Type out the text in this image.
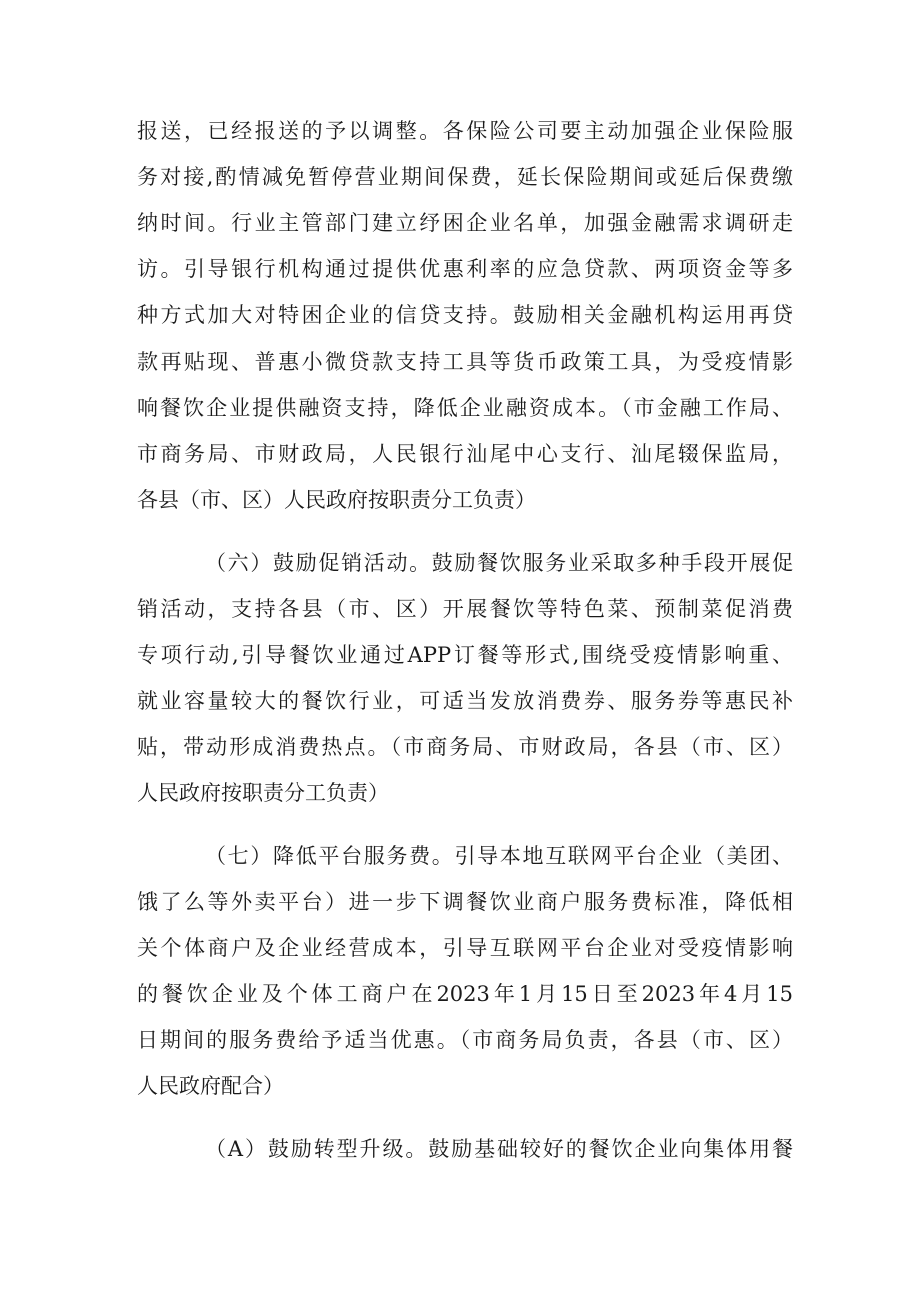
报送，已经报送的予以调整。各保险公司要主动加强企业保险服
务对接,酌情减免暂停营业期间保费，延长保险期间或延后保费缴
纳时间。行业主管部门建立纾困企业名单，加强金融需求调研走
访。引导银行机构通过提供优惠利率的应急贷款、两项资金等多
种方式加大对特困企业的信贷支持。鼓励相关金融机构运用再贷
款再贴现、普惠小微贷款支持工具等货币政策工具，为受疫情影
响餐饮企业提供融资支持，降低企业融资成本。（市金融工作局、
市商务局、市财政局，人民银行汕尾中心支行、汕尾辍保监局，
各县（市、区）人民政府按职责分工负责）
（六）鼓励促销活动。鼓励餐饮服务业采取多种手段开展促
销活动，支持各县（市、区）开展餐饮等特色菜、预制菜促消费
专项行动,引导餐饮业通过APP订餐等形式,围绕受疫情影响重、
就业容量较大的餐饮行业，可适当发放消费券、服务券等惠民补
贴，带动形成消费热点。（市商务局、市财政局，各县（市、区）
人民政府按职责分工负责）
（七）降低平台服务费。引导本地互联网平台企业（美团、
饿了么等外卖平台）进一步下调餐饮业商户服务费标准，降低相
关个体商户及企业经营成本，引导互联网平台企业对受疫情影响
的餐饮企业及个体工商户在2023年1月15日至2023年4月15
日期间的服务费给予适当优惠。（市商务局负责，各县（市、区）
人民政府配合）
（A）鼓励转型升级。鼓励基础较好的餐饮企业向集体用餐
